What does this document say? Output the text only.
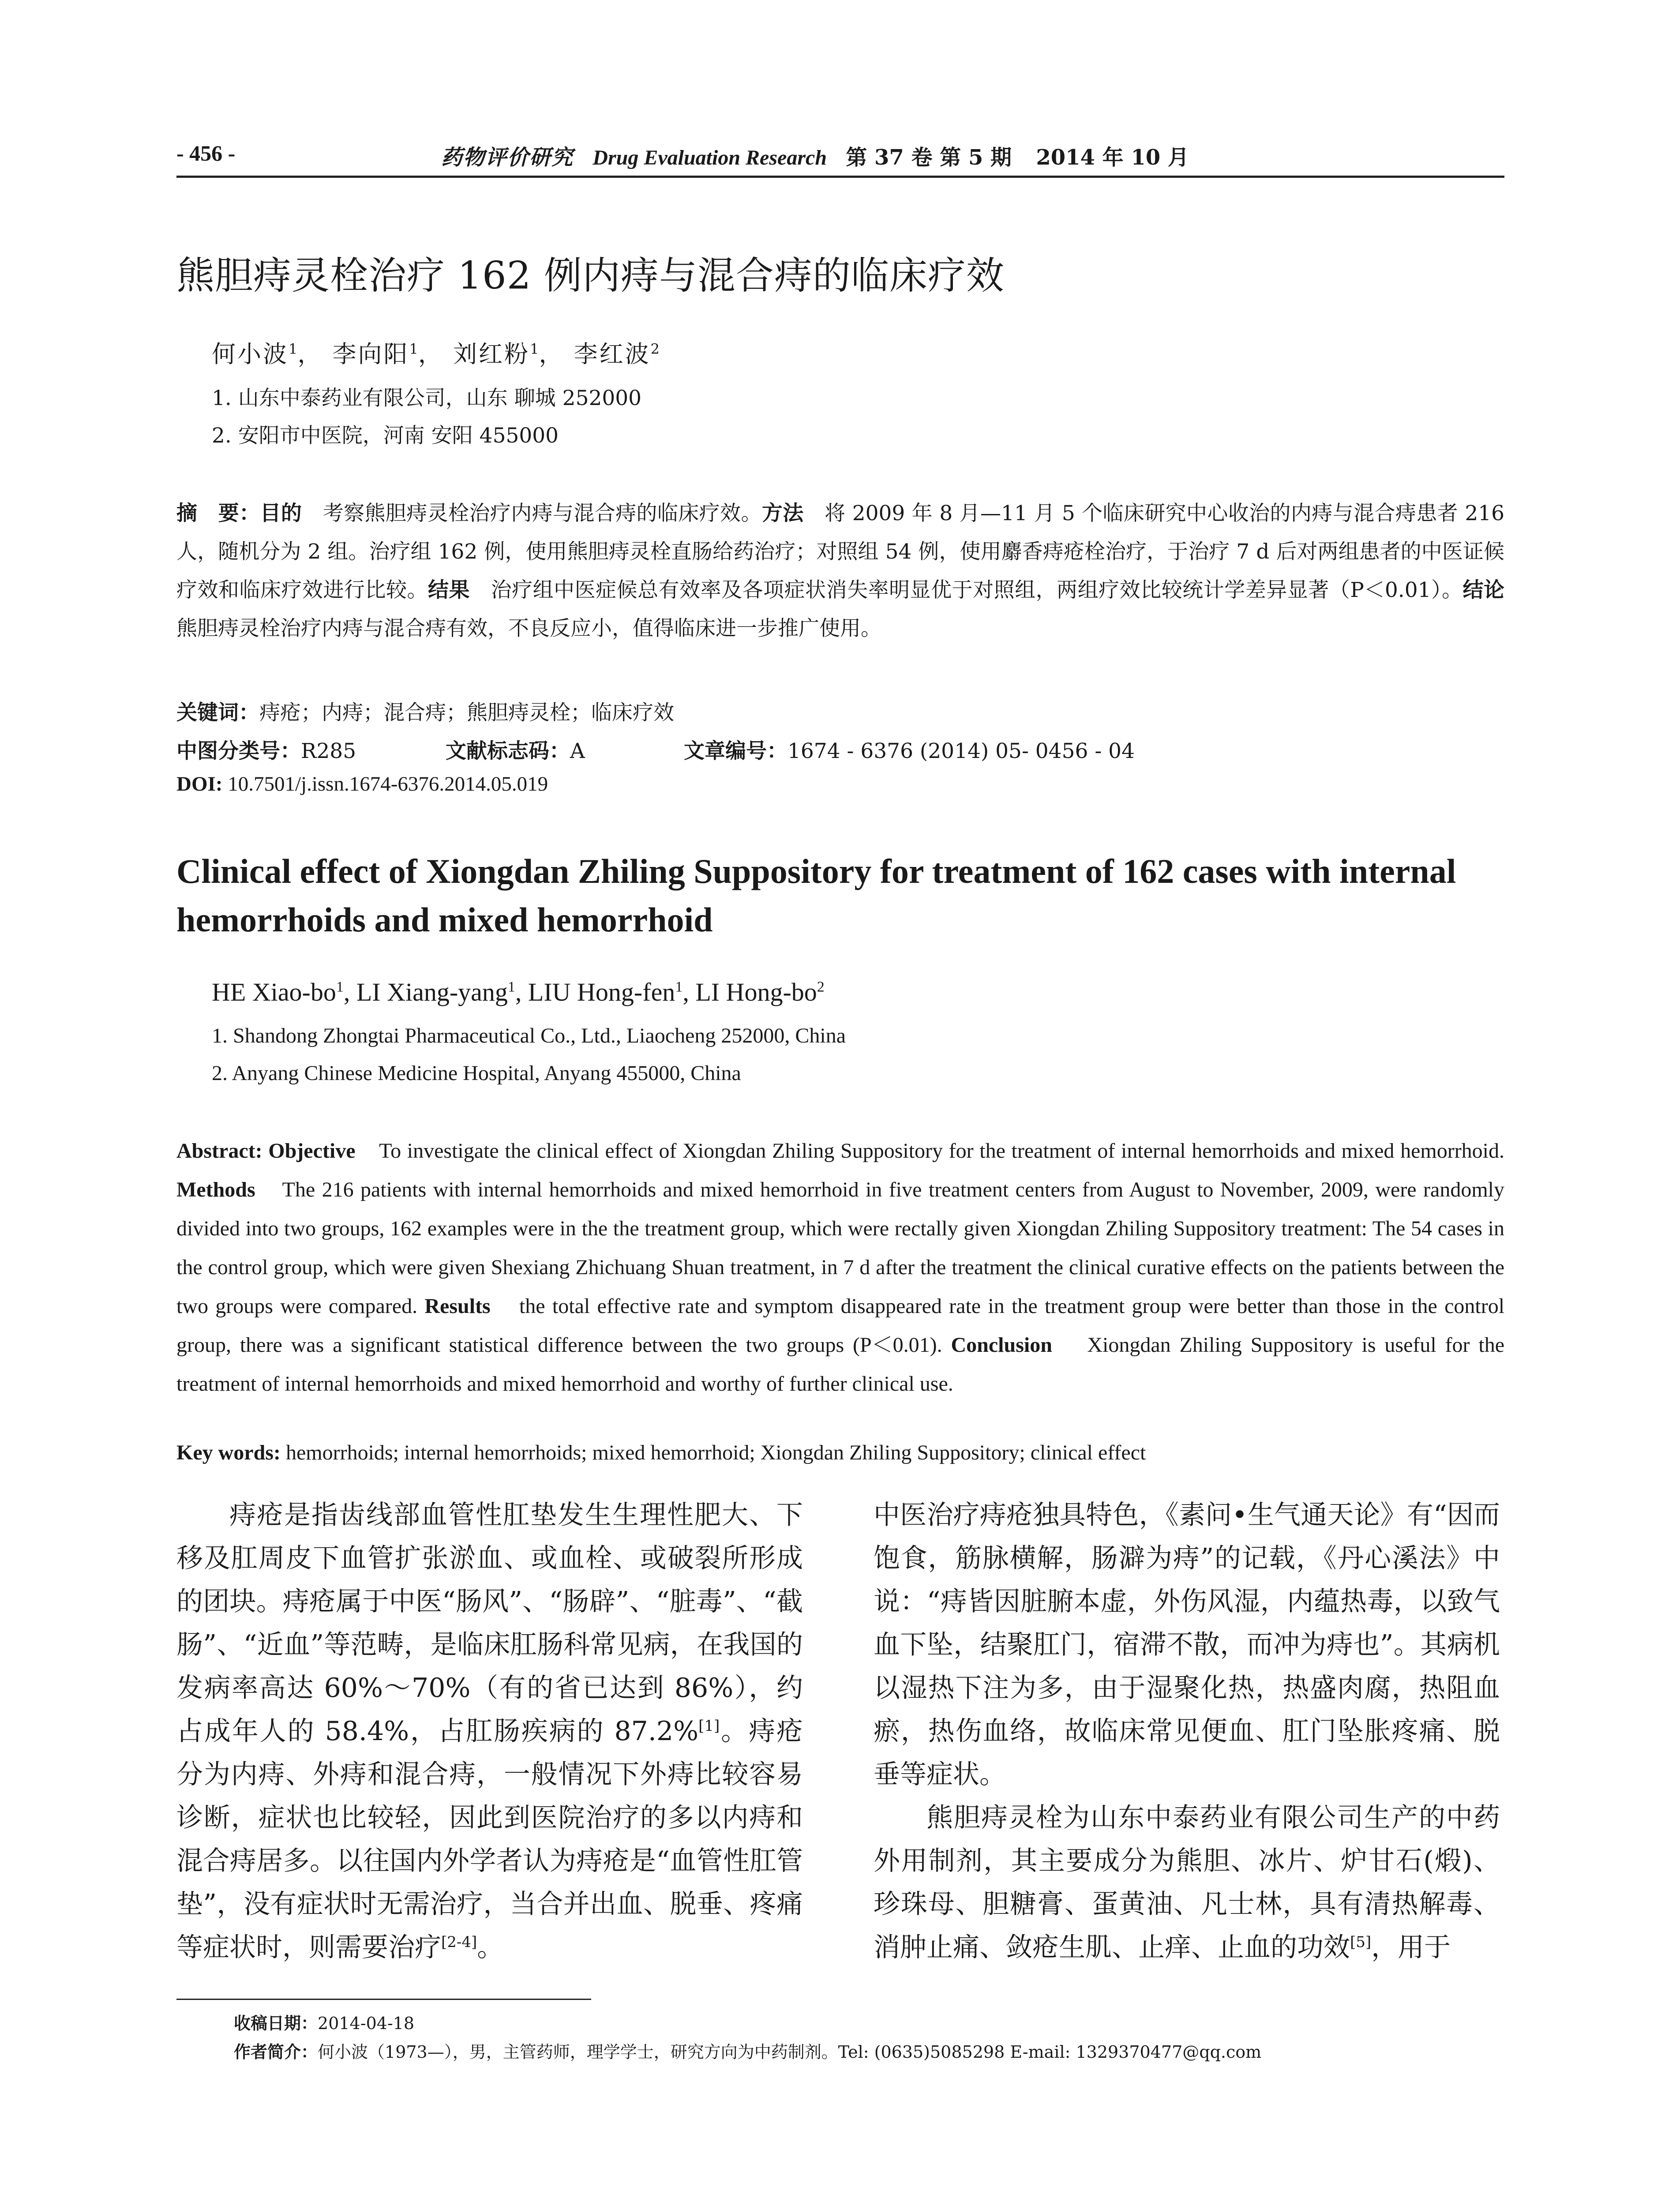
- 456 -	药物评价研究 Drug Evaluation Research 第 37 卷 第 5 期 2014 年 10 月
熊胆痔灵栓治疗 162 例内痔与混合痔的临床疗效
何小波$^1$， 李向阳$^1$， 刘红粉$^1$， 李红波$^2$
1. 山东中泰药业有限公司，山东 聊城 252000
2. 安阳市中医院，河南 安阳 455000
摘　要：目的　 考察熊胆痔灵栓治疗内痔与混合痔的临床疗效。方法　 将 2009 年 8 月—11 月 5 个临床研究中心收治的内痔与混合痔患者 216 人，随机分为 2 组。治疗组 162 例，使用熊胆痔灵栓直肠给药治疗；对照组 54 例，使用麝香痔疮栓治疗，于治疗 7 d 后对两组患者的中医证候疗效和临床疗效进行比较。结果　 治疗组中医症候总有效率及各项症状消失率明显优于对照组，两组疗效比较统计学差异显著（P＜0.01）。结论　熊胆痔灵栓治疗内痔与混合痔有效，不良反应小，值得临床进一步推广使用。
关键词：痔疮；内痔；混合痔；熊胆痔灵栓；临床疗效
中图分类号：R285	文献标志码：A	文章编号：1674 - 6376 (2014) 05- 0456 - 04
DOI: 10.7501/j.issn.1674-6376.2014.05.019
Clinical effect of Xiongdan Zhiling Suppository for treatment of 162 cases with internal hemorrhoids and mixed hemorrhoid
HE Xiao-$bo^1$, LI Xiang-yang$^1$, LIU Hong-fen$^1$, LI Hong-$bo^2$
1. Shandong Zhongtai Pharmaceutical Co., Ltd., Liaocheng 252000, China
2. Anyang Chinese Medicine Hospital, Anyang 455000, China
Abstract: Objective To investigate the clinical effect of Xiongdan Zhiling Suppository for the treatment of internal hemorrhoids and mixed hemorrhoid. Methods The 216 patients with internal hemorrhoids and mixed hemorrhoid in five treatment centers from August to November, 2009, were randomly divided into two groups, 162 examples were in the the treatment group, which were rectally given Xiongdan Zhiling Suppository treatment: The 54 cases in the control group, which were given Shexiang Zhichuang Shuan treatment, in 7 d after the treatment the clinical curative effects on the patients between the two groups were compared. Results the total effective rate and symptom disappeared rate in the treatment group were better than those in the control group, there was a significant statistical difference between the two groups (P＜0.01). Conclusion Xiongdan Zhiling Suppository is useful for the treatment of internal hemorrhoids and mixed hemorrhoid and worthy of further clinical use.
Key words: hemorrhoids; internal hemorrhoids; mixed hemorrhoid; Xiongdan Zhiling Suppository; clinical effect

痔疮是指齿线部血管性肛垫发生生理性肥大、下移及肛周皮下血管扩张淤血、或血栓、或破裂所形成的团块。痔疮属于中医“肠风”、“肠辟”、“脏毒”、“截肠”、“近血”等范畴，是临床肛肠科常见病，在我国的发病率高达 60%～70%（有的省已达到 86%），约占成年人的 58.4%，占肛肠疾病的 87.2%[1]。痔疮分为内痔、外痔和混合痔，一般情况下外痔比较容易诊断，症状也比较轻，因此到医院治疗的多以内痔和混合痔居多。以往国内外学者认为痔疮是“血管性肛管垫”，没有症状时无需治疗，当合并出血、脱垂、疼痛等症状时，则需要治疗[2-4]。

中医治疗痔疮独具特色，《素问•生气通天论》有“因而饱食，筋脉横解，肠澼为痔”的记载，《丹心溪法》中说：“痔皆因脏腑本虚，外伤风湿，内蕴热毒，以致气血下坠，结聚肛门，宿滞不散，而冲为痔也”。其病机以湿热下注为多，由于湿聚化热，热盛肉腐，热阻血瘀，热伤血络，故临床常见便血、肛门坠胀疼痛、脱垂等症状。

熊胆痔灵栓为山东中泰药业有限公司生产的中药外用制剂，其主要成分为熊胆、冰片、炉甘石(煅)、珍珠母、胆糖膏、蛋黄油、凡士林，具有清热解毒、消肿止痛、敛疮生肌、止痒、止血的功效[5]，用于

收稿日期：2014-04-18
作者简介：何小波（1973—），男，主管药师，理学学士，研究方向为中药制剂。Tel: (0635)5085298 E-mail: 1329370477@qq.com
